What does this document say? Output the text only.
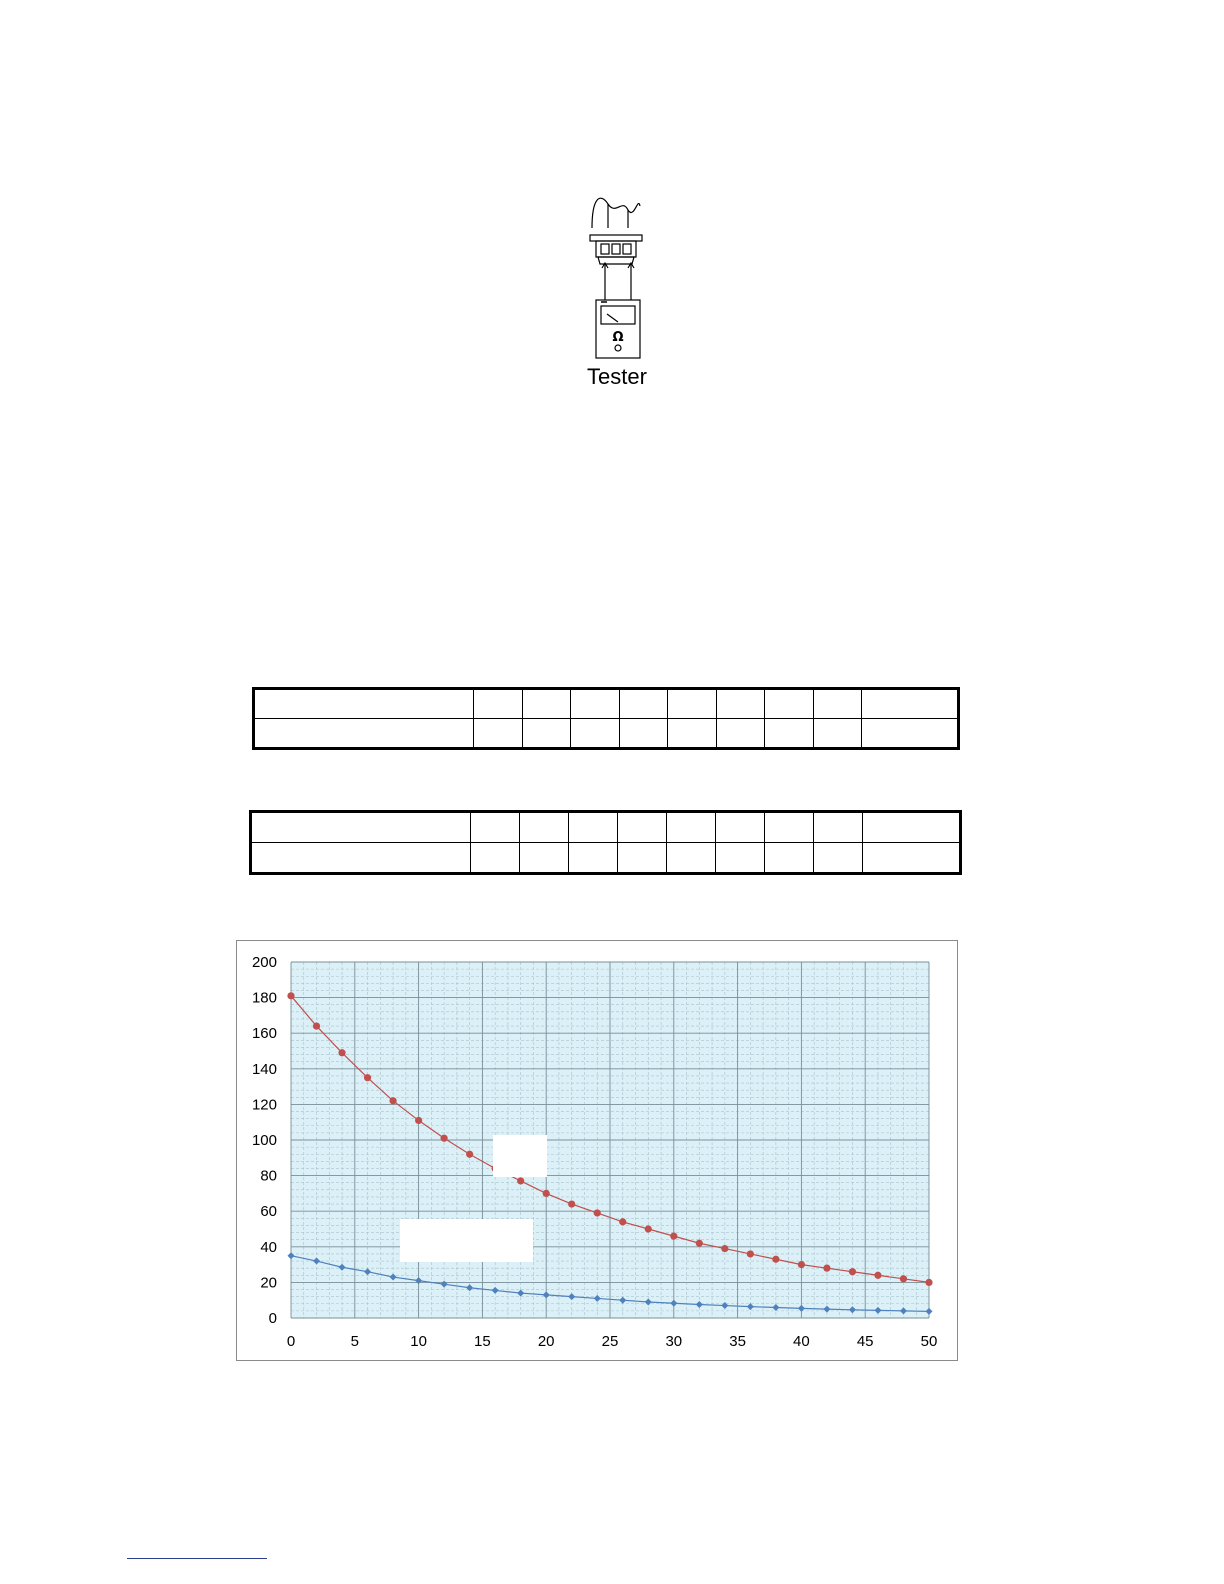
Ω
Tester

0
20
40
60
80
100
120
140
160
180
200
0	5	10	15	20	25	30	35	40	45	50
